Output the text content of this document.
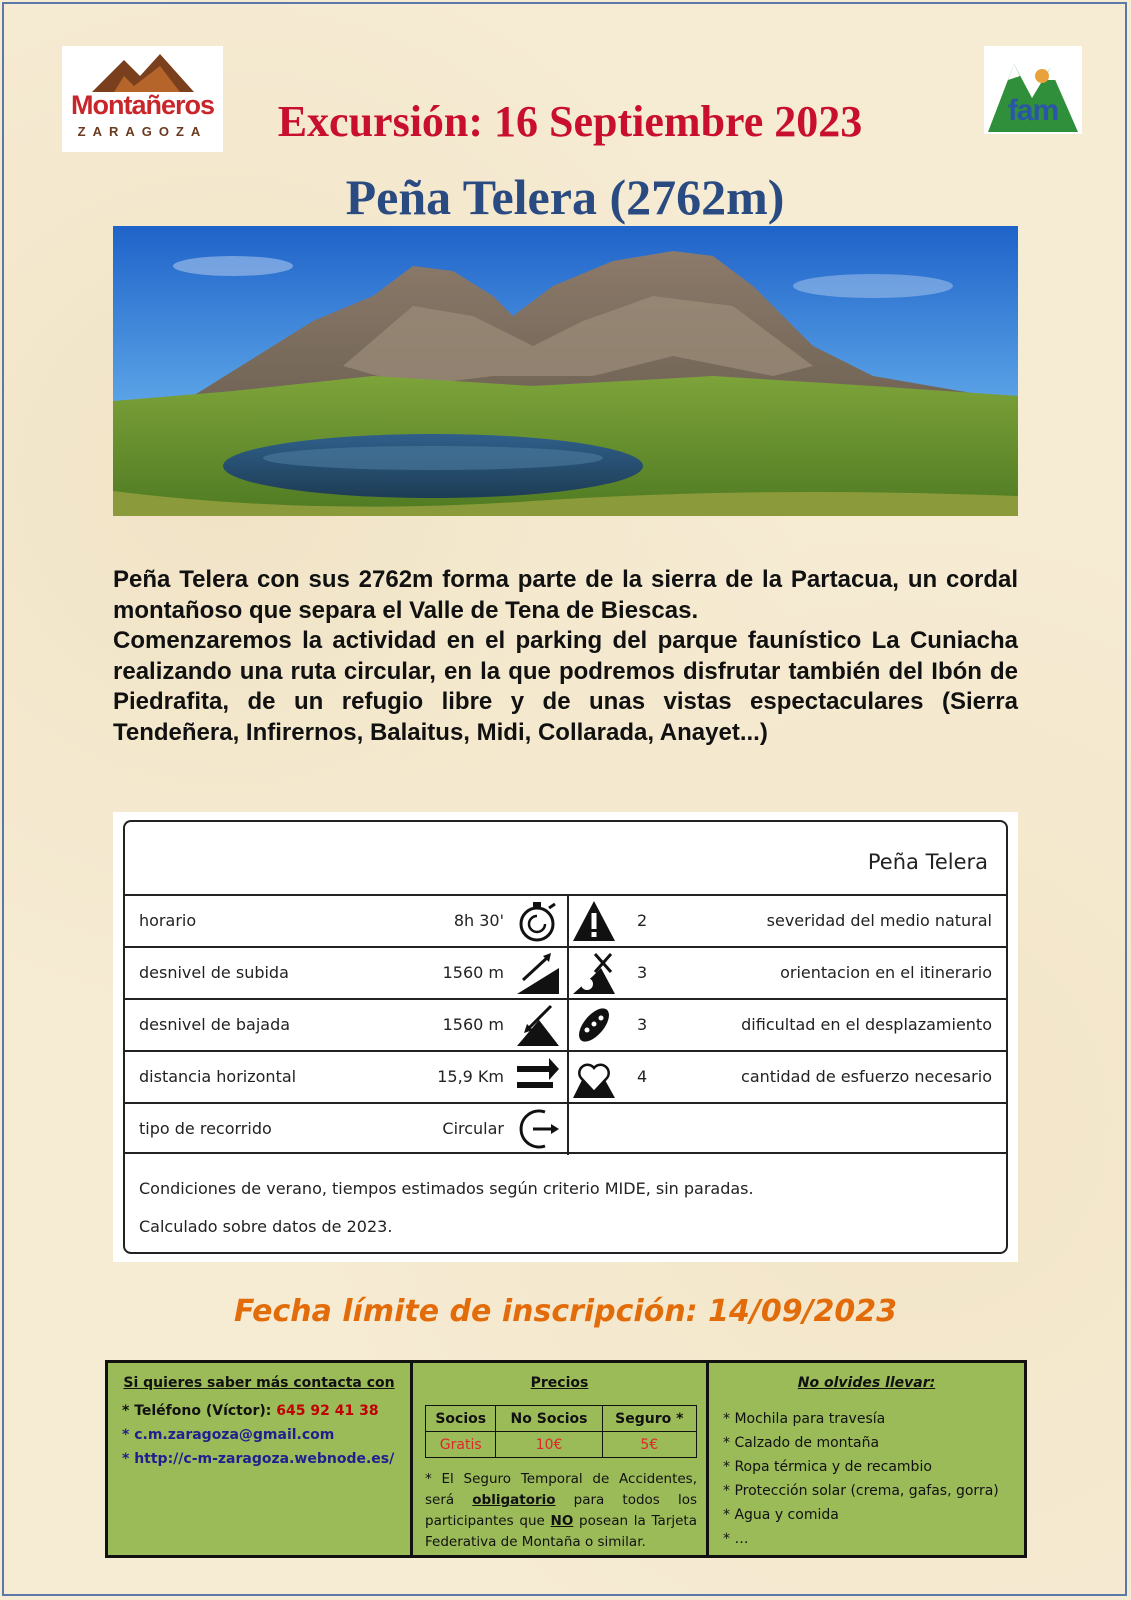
Montañeros
ZARAGOZA
fam
Excursión: 16 Septiembre 2023
Peña Telera (2762m)

Peña Telera con sus 2762m forma parte de la sierra de la Partacua, un cordal montañoso que separa el Valle de Tena de Biescas.

Comenzaremos la actividad en el parking del parque faunístico La Cuniacha realizando una ruta circular, en la que podremos disfrutar también del Ibón de Piedrafita, de un refugio libre y de unas vistas espectaculares (Sierra Tendeñera, Infirernos, Balaitus, Midi, Collarada, Anayet...)

Peña Telera
horario	8h 30'	2	severidad del medio natural
desnivel de subida	1560 m	3	orientacion en el itinerario
desnivel de bajada	1560 m	3	dificultad en el desplazamiento
distancia horizontal	15,9 Km	4	cantidad de esfuerzo necesario
tipo de recorrido	Circular
Condiciones de verano, tiempos estimados según criterio MIDE, sin paradas.
Calculado sobre datos de 2023.
Fecha límite de inscripción: 14/09/2023
Si quieres saber más contacta con
* Teléfono (Víctor): 645 92 41 38
* c.m.zaragoza@gmail.com
* http://c-m-zaragoza.webnode.es/
Precios
Socios	No Socios	Seguro *
Gratis	10€	5€
* El Seguro Temporal de Accidentes, será obligatorio para todos los participantes que NO posean la Tarjeta Federativa de Montaña o similar.
No olvides llevar:
* Mochila para travesía
* Calzado de montaña
* Ropa térmica y de recambio
* Protección solar (crema, gafas, gorra)
* Agua y comida
* …
